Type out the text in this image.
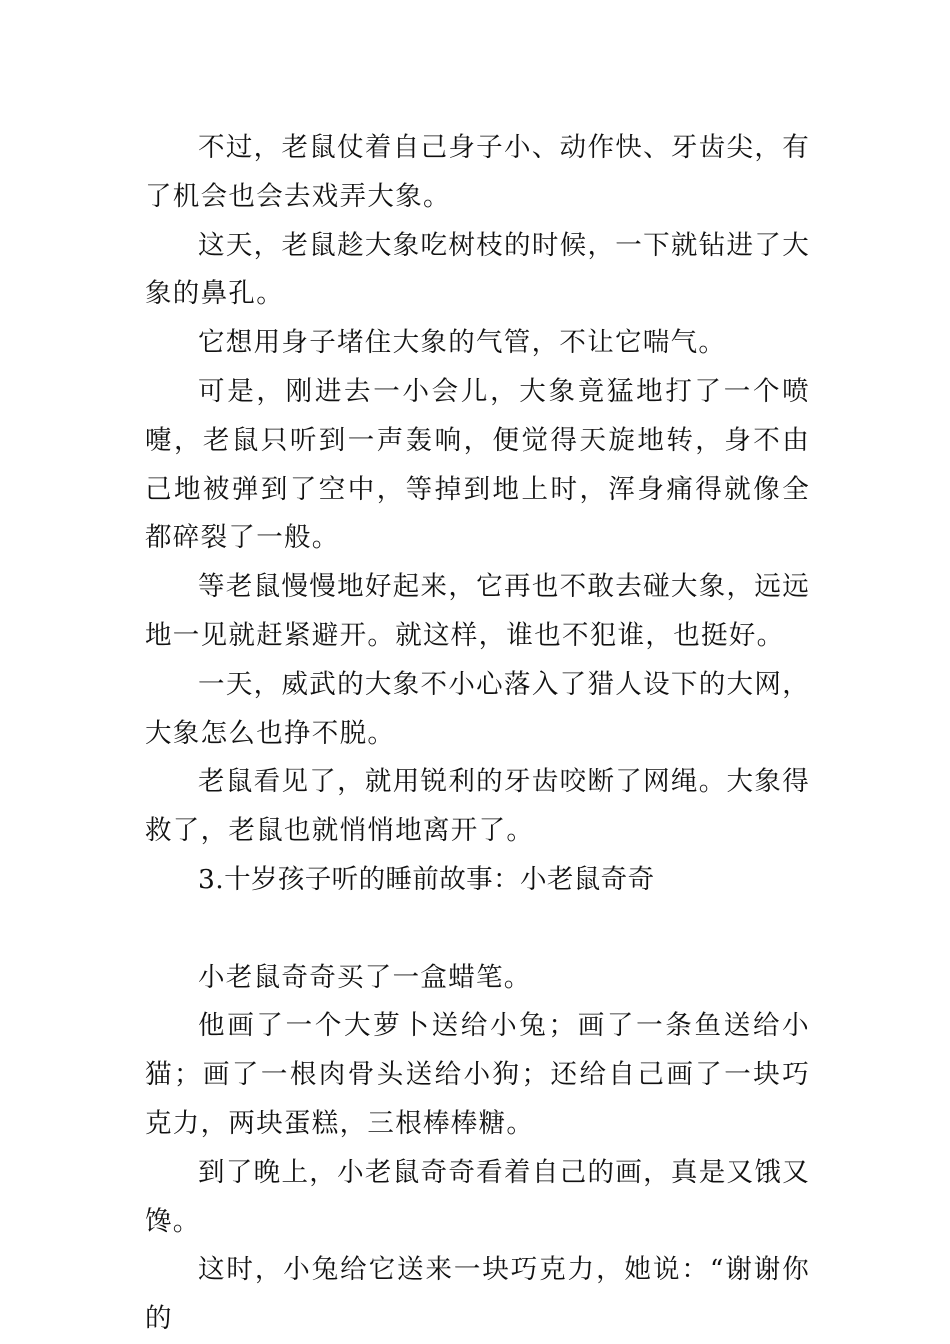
不过，老鼠仗着自己身子小、动作快、牙齿尖，有了机会也会去戏弄大象。

这天，老鼠趁大象吃树枝的时候，一下就钻进了大象的鼻孔。

它想用身子堵住大象的气管，不让它喘气。

可是，刚进去一小会儿，大象竟猛地打了一个喷嚏，老鼠只听到一声轰响，便觉得天旋地转，身不由己地被弹到了空中，等掉到地上时，浑身痛得就像全都碎裂了一般。

等老鼠慢慢地好起来，它再也不敢去碰大象，远远地一见就赶紧避开。就这样，谁也不犯谁，也挺好。

一天，威武的大象不小心落入了猎人设下的大网，大象怎么也挣不脱。

老鼠看见了，就用锐利的牙齿咬断了网绳。大象得救了，老鼠也就悄悄地离开了。

3.十岁孩子听的睡前故事：小老鼠奇奇

小老鼠奇奇买了一盒蜡笔。

他画了一个大萝卜送给小兔；画了一条鱼送给小猫；画了一根肉骨头送给小狗；还给自己画了一块巧克力，两块蛋糕，三根棒棒糖。

到了晚上，小老鼠奇奇看着自己的画，真是又饿又馋。

这时，小兔给它送来一块巧克力，她说：“谢谢你的
